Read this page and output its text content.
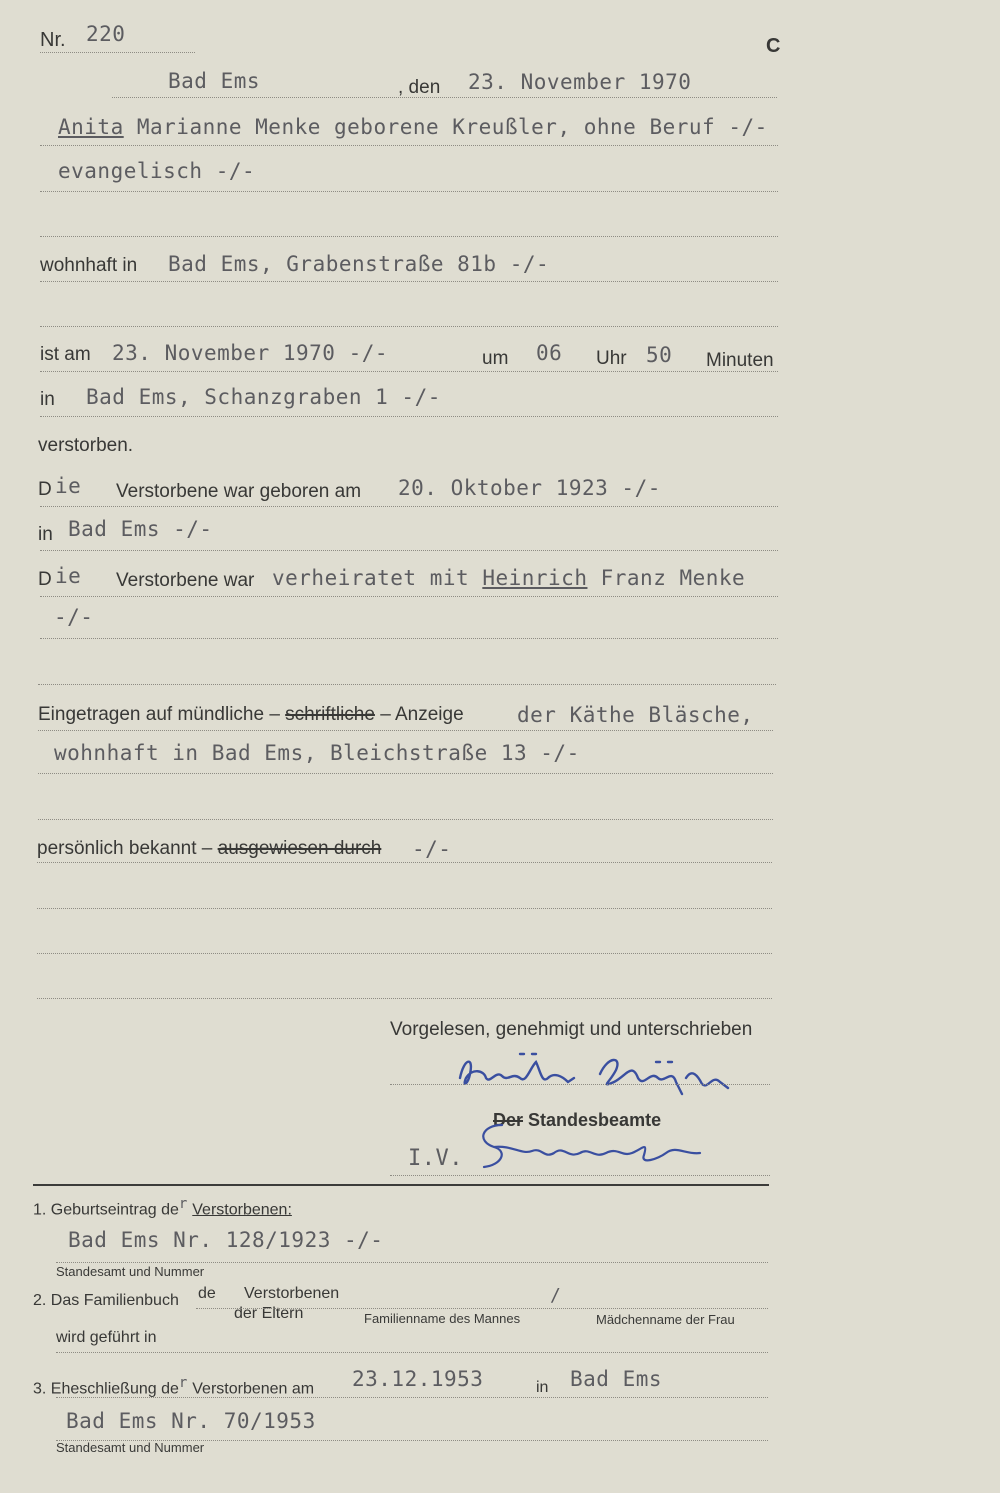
Nr. 220	C
Bad Ems	, den 23. November 1970
Anita Marianne Menke geborene Kreußler, ohne Beruf -/-
evangelisch -/-
wohnhaft in Bad Ems, Grabenstraße 81b -/-
ist am 23. November 1970 -/-	um 06 Uhr 50 Minuten
in Bad Ems, Schanzgraben 1 -/-
verstorben.
D ie Verstorbene war geboren am 20. Oktober 1923 -/-
in Bad Ems -/-
D ie Verstorbene war verheiratet mit Heinrich Franz Menke
-/-
Eingetragen auf mündliche – schriftliche – Anzeige	der Käthe Bläsche,
wohnhaft in Bad Ems, Bleichstraße 13 -/-
persönlich bekannt – ausgewiesen durch -/-
Vorgelesen, genehmigt und unterschrieben
Bräuchen Bläsche
Der Standesbeamte
I.V.
Sommer
1. Geburtseintrag $de^r$ Verstorbenen:
Bad Ems Nr. 128/1923 -/-
Standesamt und Nummer
2. Das Familienbuch de Verstorbenen
der Eltern
/
Familienname des Mannes	Mädchenname der Frau
wird geführt in
3. Eheschließung $de^r$ Verstorbenen am 23.12.1953	in Bad Ems
Bad Ems Nr. 70/1953
Standesamt und Nummer
